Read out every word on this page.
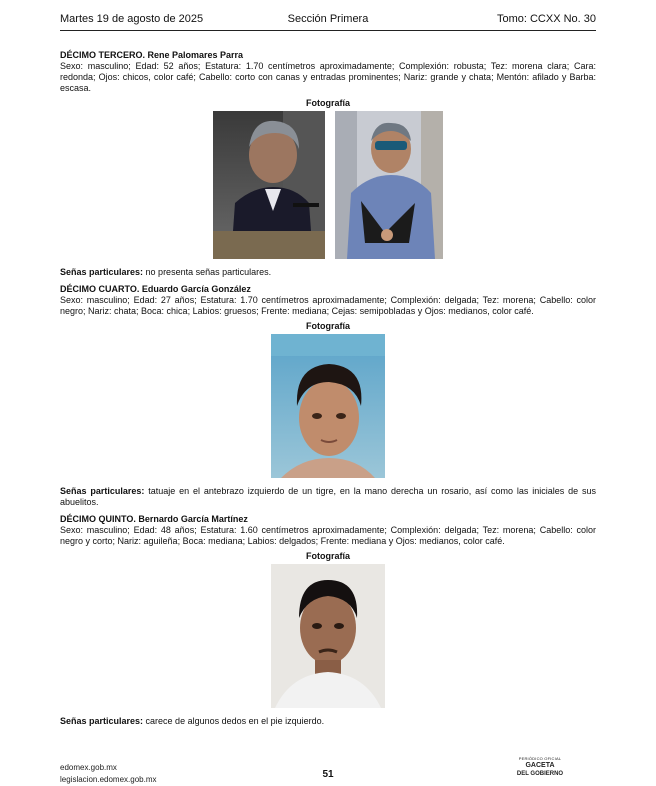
Martes 19 de agosto de 2025	Sección Primera	Tomo: CCXX No. 30

DÉCIMO TERCERO. Rene Palomares Parra

Sexo: masculino; Edad: 52 años; Estatura: 1.70 centímetros aproximadamente; Complexión: robusta; Tez: morena clara; Cara: redonda; Ojos: chicos, color café; Cabello: corto con canas y entradas prominentes; Nariz: grande y chata; Mentón: afilado y Barba: escasa.

Fotografía

Señas particulares: no presenta señas particulares.

DÉCIMO CUARTO. Eduardo García González

Sexo: masculino; Edad: 27 años; Estatura: 1.70 centímetros aproximadamente; Complexión: delgada; Tez: morena; Cabello: color negro; Nariz: chata; Boca: chica; Labios: gruesos; Frente: mediana; Cejas: semipobladas y Ojos: medianos, color café.

Fotografía

Señas particulares: tatuaje en el antebrazo izquierdo de un tigre, en la mano derecha un rosario, así como las iniciales de sus abuelitos.

DÉCIMO QUINTO. Bernardo García Martínez

Sexo: masculino; Edad: 48 años; Estatura: 1.60 centímetros aproximadamente; Complexión: delgada; Tez: morena; Cabello: color negro y corto; Nariz: aguileña; Boca: mediana; Labios: delgados; Frente: mediana y Ojos: medianos, color café.

Fotografía

Señas particulares: carece de algunos dedos en el pie izquierdo.

edomex.gob.mx
legislacion.edomex.gob.mx	51
PERIÓDICO OFICIAL
GACETA
DEL GOBIERNO
